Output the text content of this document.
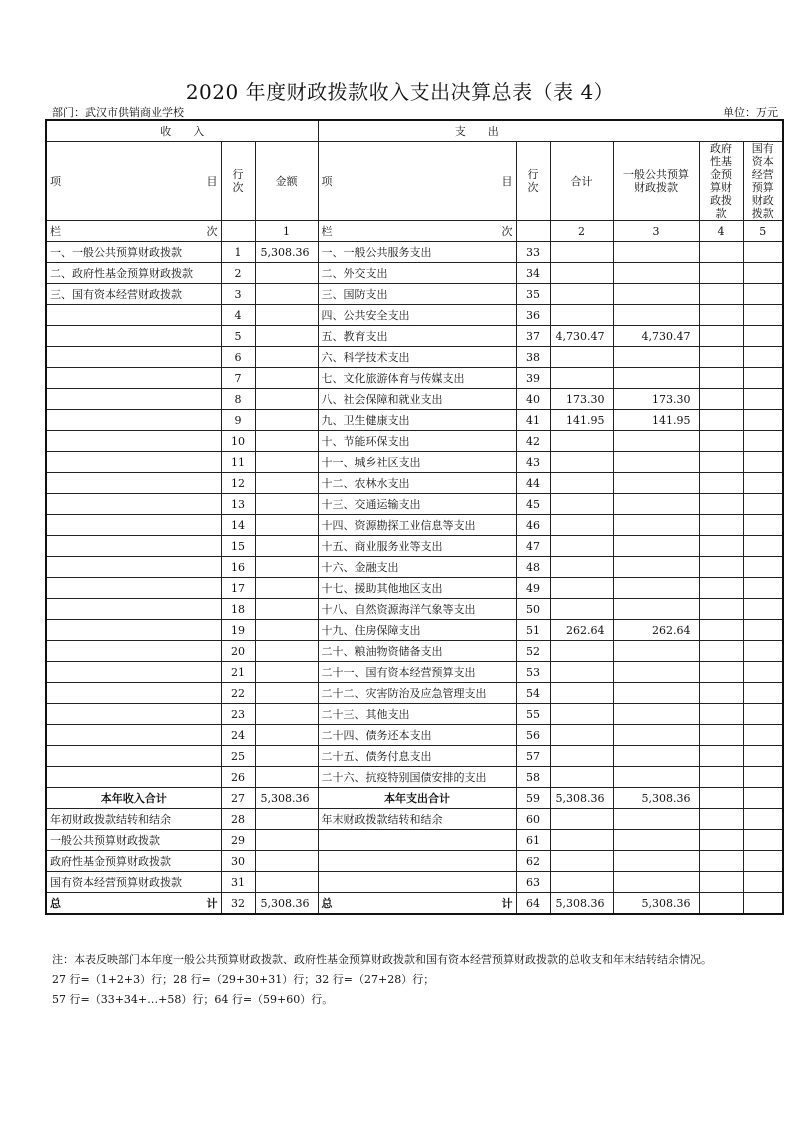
2020 年度财政拨款收入支出决算总表（表 4）
部门：武汉市供销商业学校	单位：万元
收　　入			支　　出					

项 目	行次	金额	项 目	行次	合计	一般公共预算财政拨款	政府性基金预算财政拨款	国有资本经营预算财政拨款

栏 次		1	栏 次		2	3	4	5
一、一般公共预算财政拨款	1	5,308.36	一、一般公共服务支出	33				
二、政府性基金预算财政拨款	2		二、外交支出	34				
三、国有资本经营财政拨款	3		三、国防支出	35				
	4		四、公共安全支出	36				
	5		五、教育支出	37	4,730.47	4,730.47		
	6		六、科学技术支出	38				
	7		七、文化旅游体育与传媒支出	39				
	8		八、社会保障和就业支出	40	173.30	173.30		
	9		九、卫生健康支出	41	141.95	141.95		
	10		十、节能环保支出	42				
	11		十一、城乡社区支出	43				
	12		十二、农林水支出	44				
	13		十三、交通运输支出	45				
	14		十四、资源勘探工业信息等支出	46				
	15		十五、商业服务业等支出	47				
	16		十六、金融支出	48				
	17		十七、援助其他地区支出	49				
	18		十八、自然资源海洋气象等支出	50				
	19		十九、住房保障支出	51	262.64	262.64		
	20		二十、粮油物资储备支出	52				
	21		二十一、国有资本经营预算支出	53				
	22		二十二、灾害防治及应急管理支出	54				
	23		二十三、其他支出	55				
	24		二十四、债务还本支出	56				
	25		二十五、债务付息支出	57				
	26		二十六、抗疫特别国债安排的支出	58				
本年收入合计	27	5,308.36	本年支出合计	59	5,308.36	5,308.36		
年初财政拨款结转和结余	28		年末财政拨款结转和结余	60				
一般公共预算财政拨款	29			61				
政府性基金预算财政拨款	30			62				
国有资本经营预算财政拨款	31			63				

总 计	32	5,308.36	总 计	64	5,308.36	5,308.36		
注：本表反映部门本年度一般公共预算财政拨款、政府性基金预算财政拨款和国有资本经营预算财政拨款的总收支和年末结转结余情况。
27 行=（1+2+3）行；28 行=（29+30+31）行；32 行=（27+28）行；
57 行=（33+34+…+58）行；64 行=（59+60）行。
